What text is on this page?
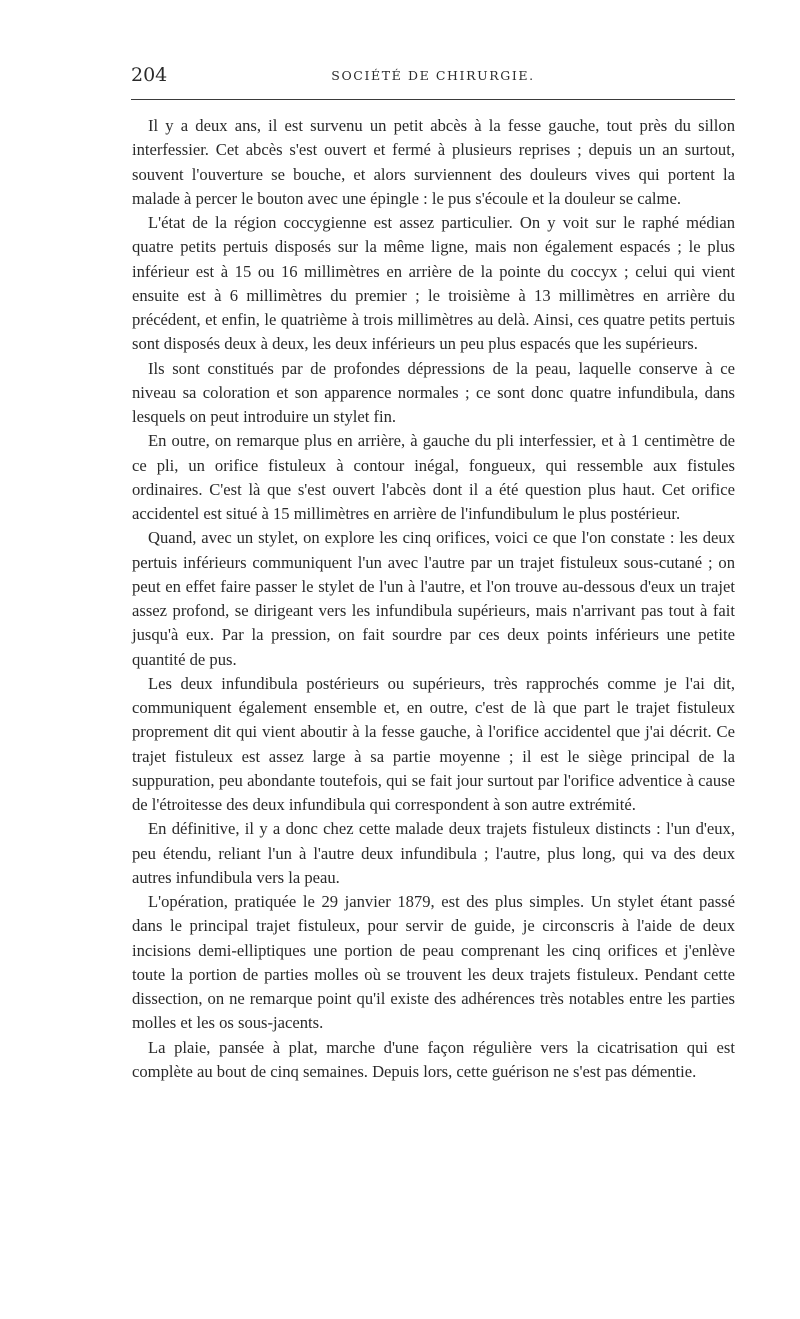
204	SOCIÉTÉ DE CHIRURGIE.

Il y a deux ans, il est survenu un petit abcès à la fesse gauche, tout près du sillon interfessier. Cet abcès s'est ouvert et fermé à plusieurs reprises ; depuis un an surtout, souvent l'ouverture se bouche, et alors surviennent des douleurs vives qui portent la malade à percer le bouton avec une épingle : le pus s'écoule et la douleur se calme.

L'état de la région coccygienne est assez particulier. On y voit sur le raphé médian quatre petits pertuis disposés sur la même ligne, mais non également espacés ; le plus inférieur est à 15 ou 16 millimètres en arrière de la pointe du coccyx ; celui qui vient ensuite est à 6 millimètres du premier ; le troisième à 13 millimètres en arrière du précédent, et enfin, le quatrième à trois millimètres au delà. Ainsi, ces quatre petits pertuis sont disposés deux à deux, les deux inférieurs un peu plus espacés que les supérieurs.

Ils sont constitués par de profondes dépressions de la peau, laquelle conserve à ce niveau sa coloration et son apparence normales ; ce sont donc quatre infundibula, dans lesquels on peut introduire un stylet fin.

En outre, on remarque plus en arrière, à gauche du pli interfessier, et à 1 centimètre de ce pli, un orifice fistuleux à contour inégal, fongueux, qui ressemble aux fistules ordinaires. C'est là que s'est ouvert l'abcès dont il a été question plus haut. Cet orifice accidentel est situé à 15 millimètres en arrière de l'infundibulum le plus postérieur.

Quand, avec un stylet, on explore les cinq orifices, voici ce que l'on constate : les deux pertuis inférieurs communiquent l'un avec l'autre par un trajet fistuleux sous-cutané ; on peut en effet faire passer le stylet de l'un à l'autre, et l'on trouve au-dessous d'eux un trajet assez profond, se dirigeant vers les infundibula supérieurs, mais n'arrivant pas tout à fait jusqu'à eux. Par la pression, on fait sourdre par ces deux points inférieurs une petite quantité de pus.

Les deux infundibula postérieurs ou supérieurs, très rapprochés comme je l'ai dit, communiquent également ensemble et, en outre, c'est de là que part le trajet fistuleux proprement dit qui vient aboutir à la fesse gauche, à l'orifice accidentel que j'ai décrit. Ce trajet fistuleux est assez large à sa partie moyenne ; il est le siège principal de la suppuration, peu abondante toutefois, qui se fait jour surtout par l'orifice adventice à cause de l'étroitesse des deux infundibula qui correspondent à son autre extrémité.

En définitive, il y a donc chez cette malade deux trajets fistuleux distincts : l'un d'eux, peu étendu, reliant l'un à l'autre deux infundibula ; l'autre, plus long, qui va des deux autres infundibula vers la peau.

L'opération, pratiquée le 29 janvier 1879, est des plus simples. Un stylet étant passé dans le principal trajet fistuleux, pour servir de guide, je circonscris à l'aide de deux incisions demi-elliptiques une portion de peau comprenant les cinq orifices et j'enlève toute la portion de parties molles où se trouvent les deux trajets fistuleux. Pendant cette dissection, on ne remarque point qu'il existe des adhérences très notables entre les parties molles et les os sous-jacents.

La plaie, pansée à plat, marche d'une façon régulière vers la cicatrisation qui est complète au bout de cinq semaines. Depuis lors, cette guérison ne s'est pas démentie.
